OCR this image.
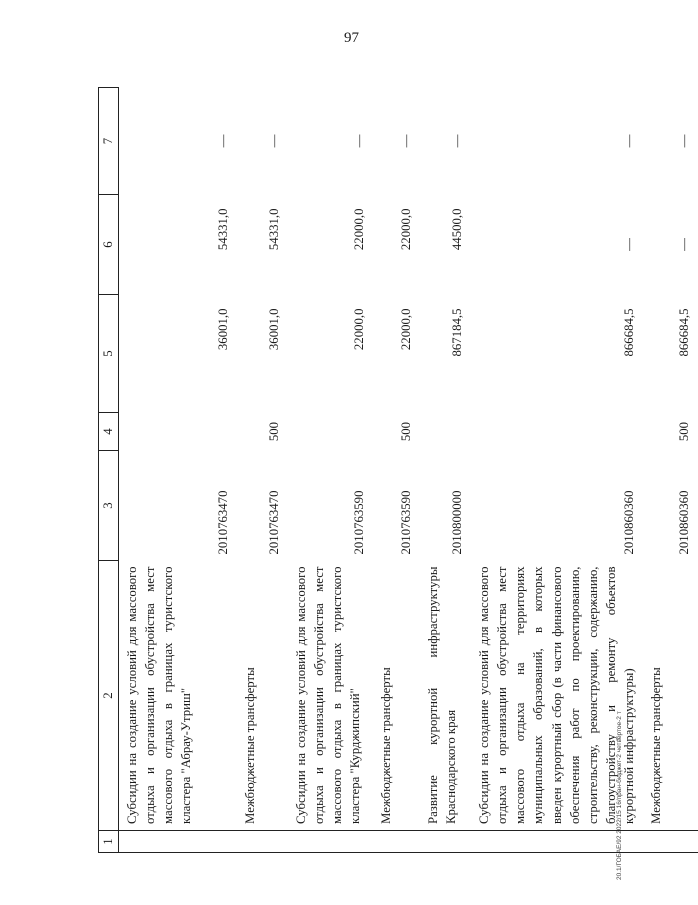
97
20.1/ГОБАЕ/92 2022/15 16/пран-бюджет-2 четвёртое-2 т
1	2	3	4	5	6	7
	Субсидии на создание условий для массового отдыха и организации обустройства мест массового отдыха в границах туристского кластера "Абрау-Утриш"	2010763470		36001,0	54331,0	—
	Межбюджетные трансферты	2010763470	500	36001,0	54331,0	—
	Субсидии на создание условий для массового отдыха и организации обустройства мест массового отдыха в границах туристского кластера "Курджипский"	2010763590		22000,0	22000,0	—
	Межбюджетные трансферты	2010763590	500	22000,0	22000,0	—
	Развитие курортной инфраструктуры Краснодарского края	2010800000		867184,5	44500,0	—
	Субсидии на создание условий для массового отдыха и организации обустройства мест массового отдыха на территориях муниципальных образований, в которых введен курортный сбор (в части финансового обеспечения работ по проектированию, строительству, реконструкции, содержанию, благоустройству и ремонту объектов курортной инфраструктуры)	2010860360		866684,5	—	—
	Межбюджетные трансферты	2010860360	500	866684,5	—	—
